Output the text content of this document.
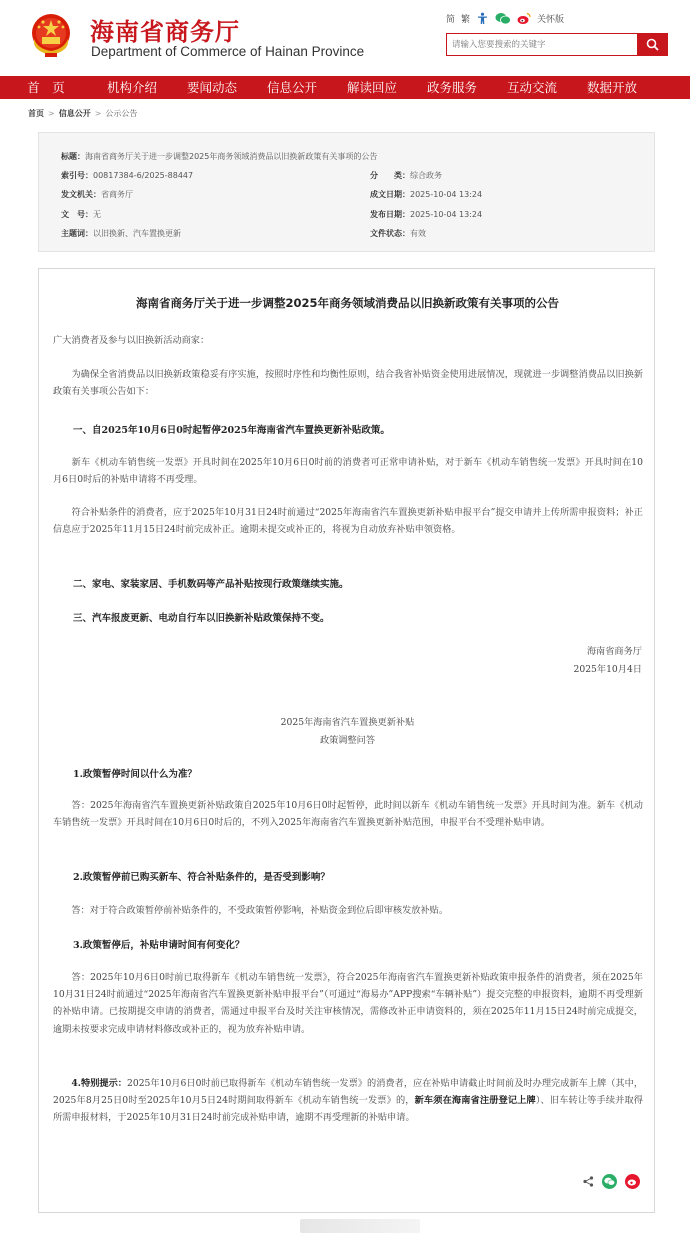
海南省商务厅
Department of Commerce of Hainan Province
简 繁	关怀版
请输入您要搜索的关键字
首　页	机构介绍	要闻动态	信息公开	解读回应	政务服务	互动交流	数据开放
首页 > 信息公开 > 公示公告
标题：海南省商务厅关于进一步调整2025年商务领域消费品以旧换新政策有关事项的公告
索引号：00817384-6/2025-88447	分　　类：综合政务
发文机关：省商务厅	成文日期：2025-10-04 13:24
文　号：无	发布日期：2025-10-04 13:24
主题词：以旧换新、汽车置换更新	文件状态：有效
海南省商务厅关于进一步调整2025年商务领域消费品以旧换新政策有关事项的公告
广大消费者及参与以旧换新活动商家：
　　为确保全省消费品以旧换新政策稳妥有序实施，按照时序性和均衡性原则，结合我省补贴资金使用进展情况，现就进一步调整消费品以旧换新政策有关事项公告如下：
一、自2025年10月6日0时起暂停2025年海南省汽车置换更新补贴政策。
　　新车《机动车销售统一发票》开具时间在2025年10月6日0时前的消费者可正常申请补贴，对于新车《机动车销售统一发票》开具时间在10月6日0时后的补贴申请将不再受理。
　　符合补贴条件的消费者，应于2025年10月31日24时前通过“2025年海南省汽车置换更新补贴申报平台”提交申请并上传所需申报资料；补正信息应于2025年11月15日24时前完成补正。逾期未提交或补正的，将视为自动放弃补贴申领资格。
二、家电、家装家居、手机数码等产品补贴按现行政策继续实施。
三、汽车报废更新、电动自行车以旧换新补贴政策保持不变。
海南省商务厅
2025年10月4日
2025年海南省汽车置换更新补贴
政策调整问答
1.政策暂停时间以什么为准？
　　答：2025年海南省汽车置换更新补贴政策自2025年10月6日0时起暂停，此时间以新车《机动车销售统一发票》开具时间为准。新车《机动车销售统一发票》开具时间在10月6日0时后的，不列入2025年海南省汽车置换更新补贴范围，申报平台不受理补贴申请。
2.政策暂停前已购买新车、符合补贴条件的，是否受到影响？
　　答：对于符合政策暂停前补贴条件的，不受政策暂停影响，补贴资金到位后即审核发放补贴。
3.政策暂停后，补贴申请时间有何变化？
　　答：2025年10月6日0时前已取得新车《机动车销售统一发票》，符合2025年海南省汽车置换更新补贴政策申报条件的消费者，须在2025年10月31日24时前通过“2025年海南省汽车置换更新补贴申报平台”（可通过“海易办”APP搜索“车辆补贴”）提交完整的申报资料，逾期不再受理新的补贴申请。已按期提交申请的消费者，需通过申报平台及时关注审核情况，需修改补正申请资料的，须在2025年11月15日24时前完成提交，逾期未按要求完成申请材料修改或补正的，视为放弃补贴申请。
　　4.特别提示：2025年10月6日0时前已取得新车《机动车销售统一发票》的消费者，应在补贴申请截止时间前及时办理完成新车上牌（其中，2025年8月25日0时至2025年10月5日24时期间取得新车《机动车销售统一发票》的，新车须在海南省注册登记上牌）、旧车转让等手续并取得所需申报材料，于2025年10月31日24时前完成补贴申请，逾期不再受理新的补贴申请。
